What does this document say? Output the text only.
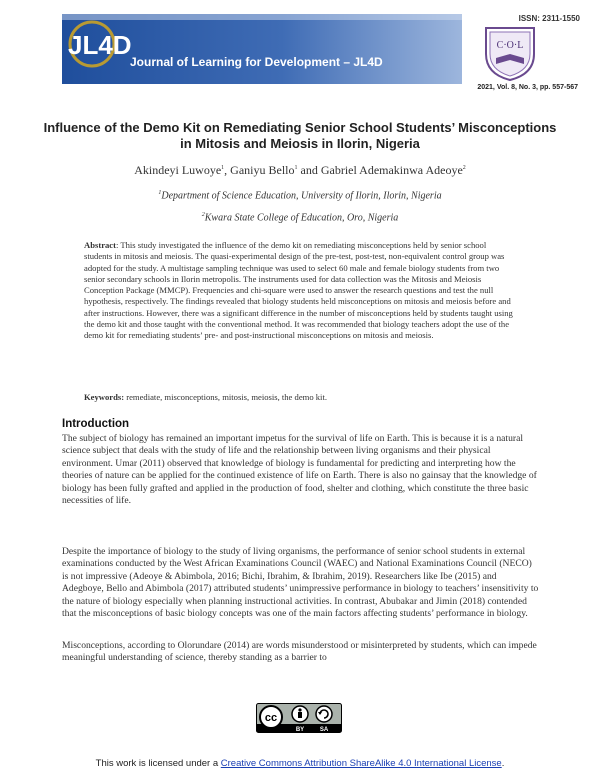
JL4D
Journal of Learning for Development – JL4D
ISSN: 2311-1550
C·O·L
2021, Vol. 8, No. 3, pp. 557-567
Influence of the Demo Kit on Remediating Senior School Students’ Misconceptions in Mitosis and Meiosis in Ilorin, Nigeria
Akindeyi Luwoye$^1$, Ganiyu Bello$^1$ and Gabriel Ademakinwa Adeoye$^2$
$^1$Department of Science Education, University of Ilorin, Ilorin, Nigeria
$^2$Kwara State College of Education, Oro, Nigeria
Abstract: This study investigated the influence of the demo kit on remediating misconceptions held by senior school students in mitosis and meiosis. The quasi-experimental design of the pre-test, post-test, non-equivalent control group was adopted for the study. A multistage sampling technique was used to select 60 male and female biology students from two senior secondary schools in Ilorin metropolis. The instruments used for data collection was the Mitosis and Meiosis Conception Package (MMCP). Frequencies and chi-square were used to answer the research questions and test the null hypothesis, respectively. The findings revealed that biology students held misconceptions on mitosis and meiosis before and after instructions. However, there was a significant difference in the number of misconceptions held by students taught using the demo kit and those taught with the conventional method. It was recommended that biology teachers adopt the use of the demo kit for remediating students’ pre- and post-instructional misconceptions on mitosis and meiosis.
Keywords: remediate, misconceptions, mitosis, meiosis, the demo kit.
Introduction
The subject of biology has remained an important impetus for the survival of life on Earth. This is because it is a natural science subject that deals with the study of life and the relationship between living organisms and their physical environment. Umar (2011) observed that knowledge of biology is fundamental for predicting and interpreting how the theories of nature can be applied for the continued existence of life on Earth. There is also no gainsay that the knowledge of biology has been fully grafted and applied in the production of food, shelter and clothing, which constitute the three basic necessities of life.
Despite the importance of biology to the study of living organisms, the performance of senior school students in external examinations conducted by the West African Examinations Council (WAEC) and National Examinations Council (NECO) is not impressive (Adeoye & Abimbola, 2016; Bichi, Ibrahim, & Ibrahim, 2019). Researchers like Ibe (2015) and Adegboye, Bello and Abimbola (2017) attributed students’ unimpressive performance in biology to teachers’ insensitivity to the nature of biology especially when planning instructional activities. In contrast, Abubakar and Jimin (2018) contended that the misconceptions of basic biology concepts was one of the main factors affecting students’ performance in biology.
Misconceptions, according to Olorundare (2014) are words misunderstood or misinterpreted by students, which can impede meaningful understanding of science, thereby standing as a barrier to
cc
BY	SA
This work is licensed under a Creative Commons Attribution ShareAlike 4.0 International License.
